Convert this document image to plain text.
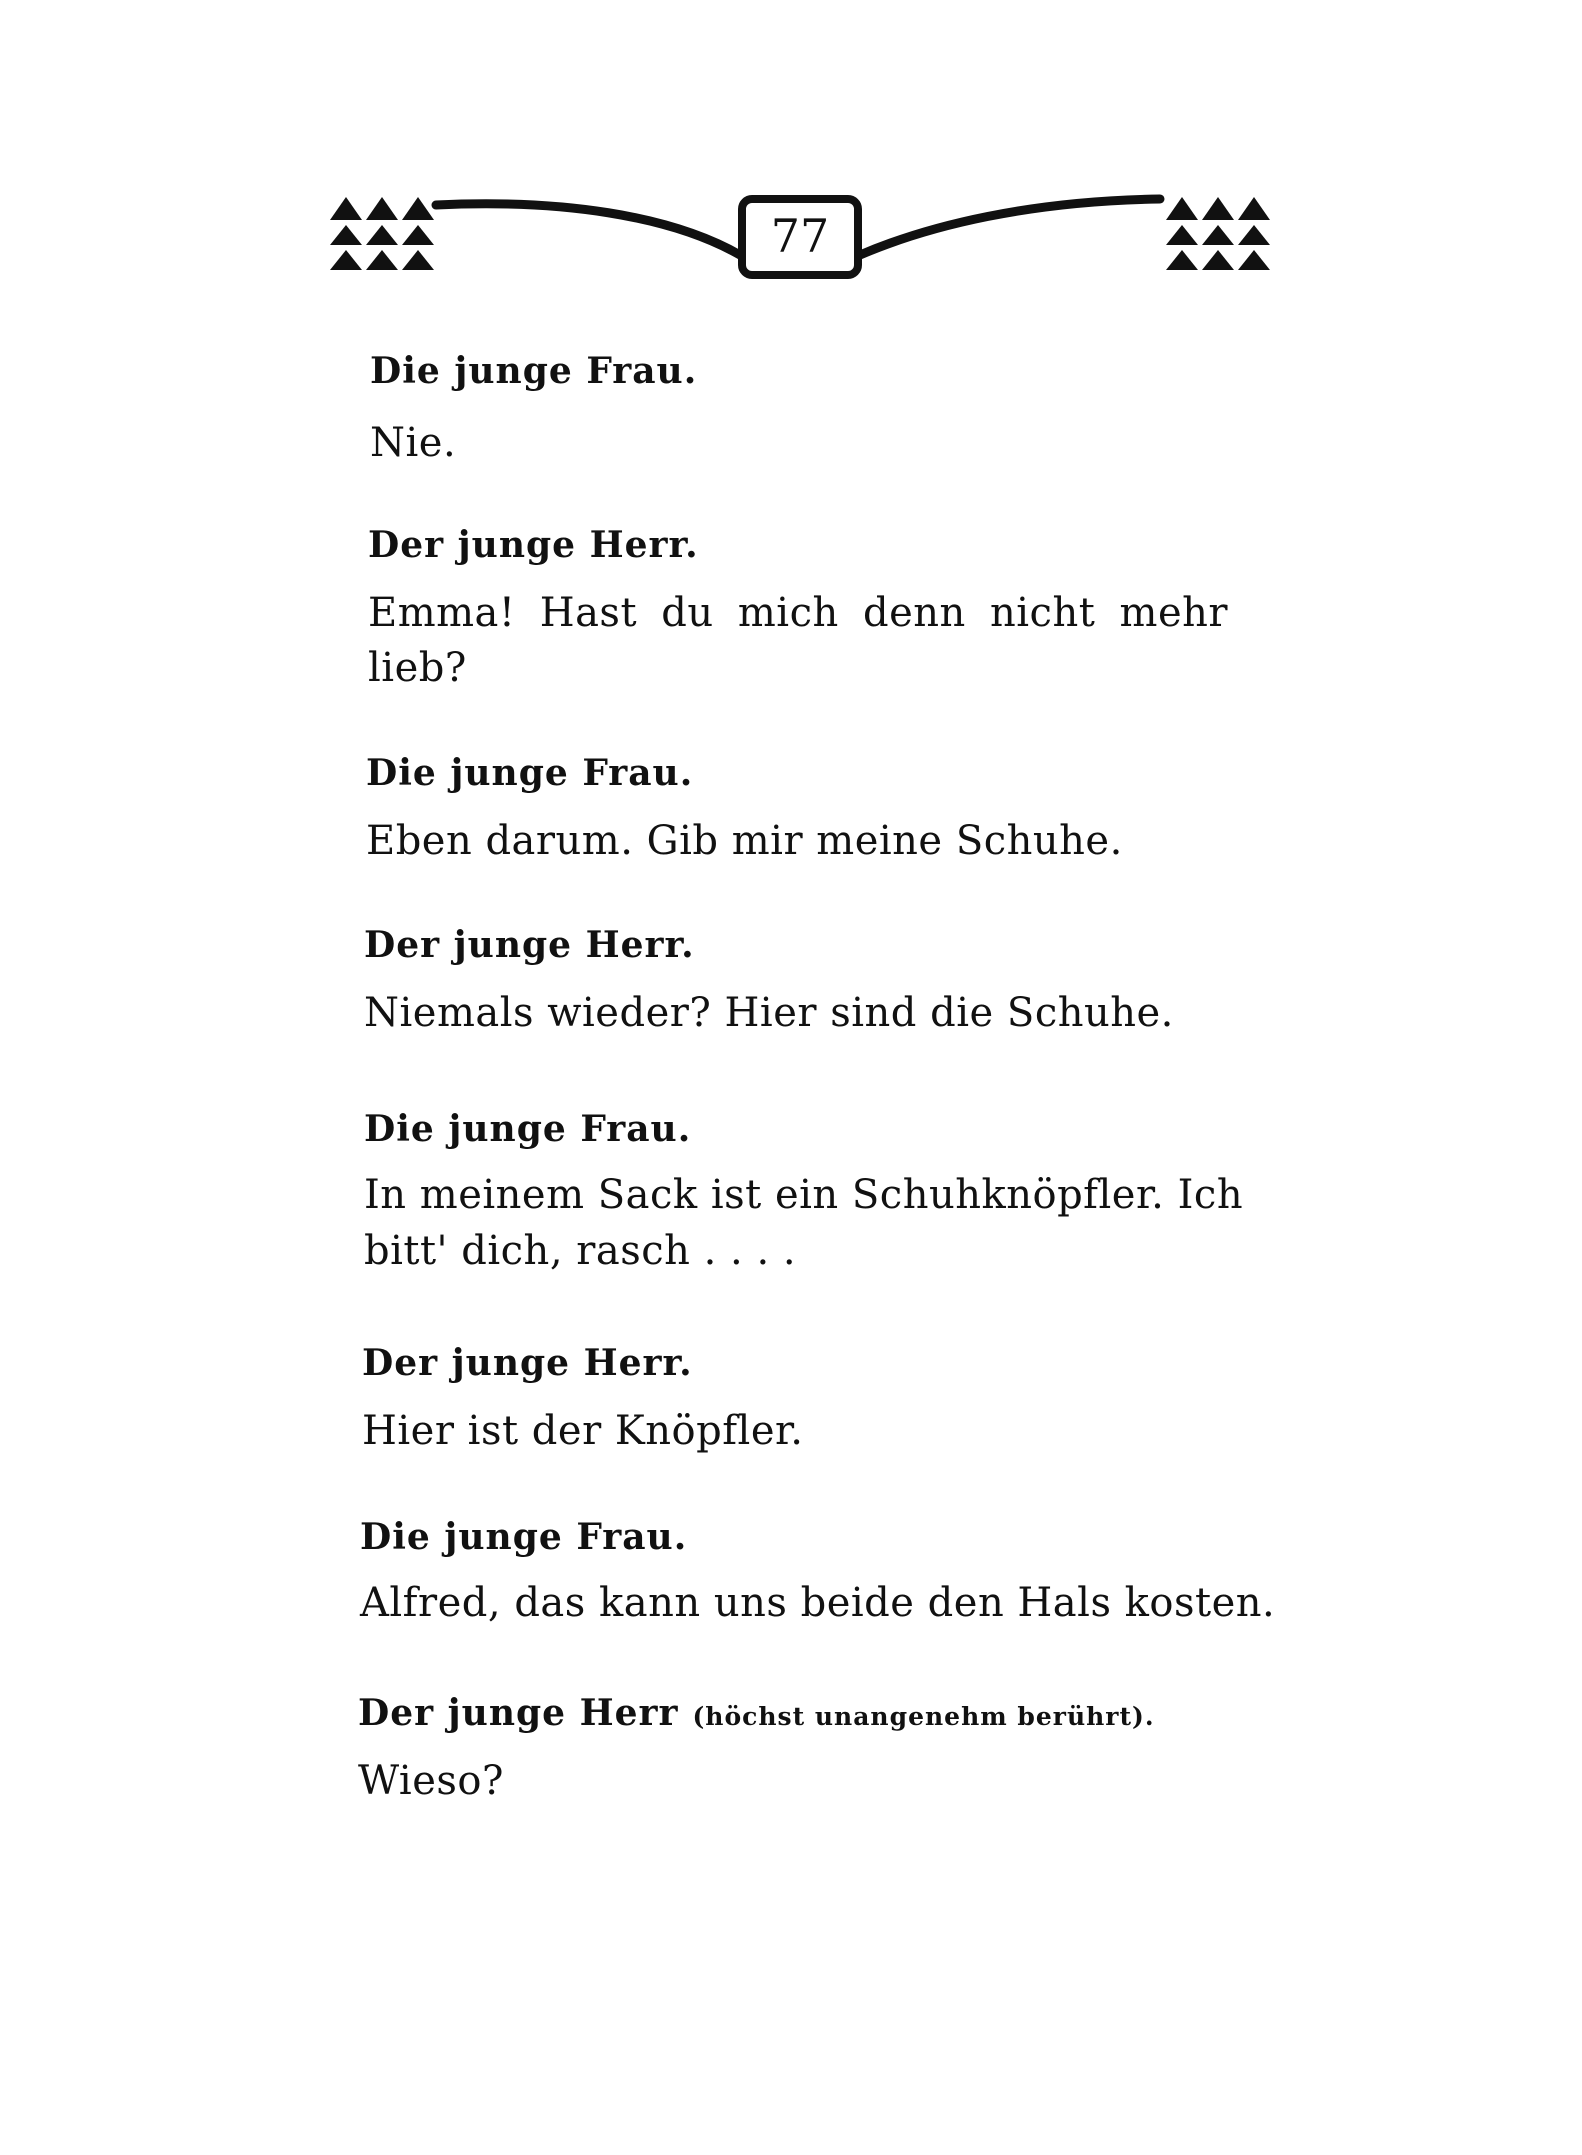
77
Die junge Frau.
Nie.
Der junge Herr.
Emma! Hast du mich denn nicht mehr
lieb?
Die junge Frau.
Eben darum. Gib mir meine Schuhe.
Der junge Herr.
Niemals wieder? Hier sind die Schuhe.
Die junge Frau.
In meinem Sack ist ein Schuhknöpfler. Ich
bitt' dich, rasch . . . .
Der junge Herr.
Hier ist der Knöpfler.
Die junge Frau.
Alfred, das kann uns beide den Hals kosten.
Der junge Herr (höchst unangenehm berührt).
Wieso?
